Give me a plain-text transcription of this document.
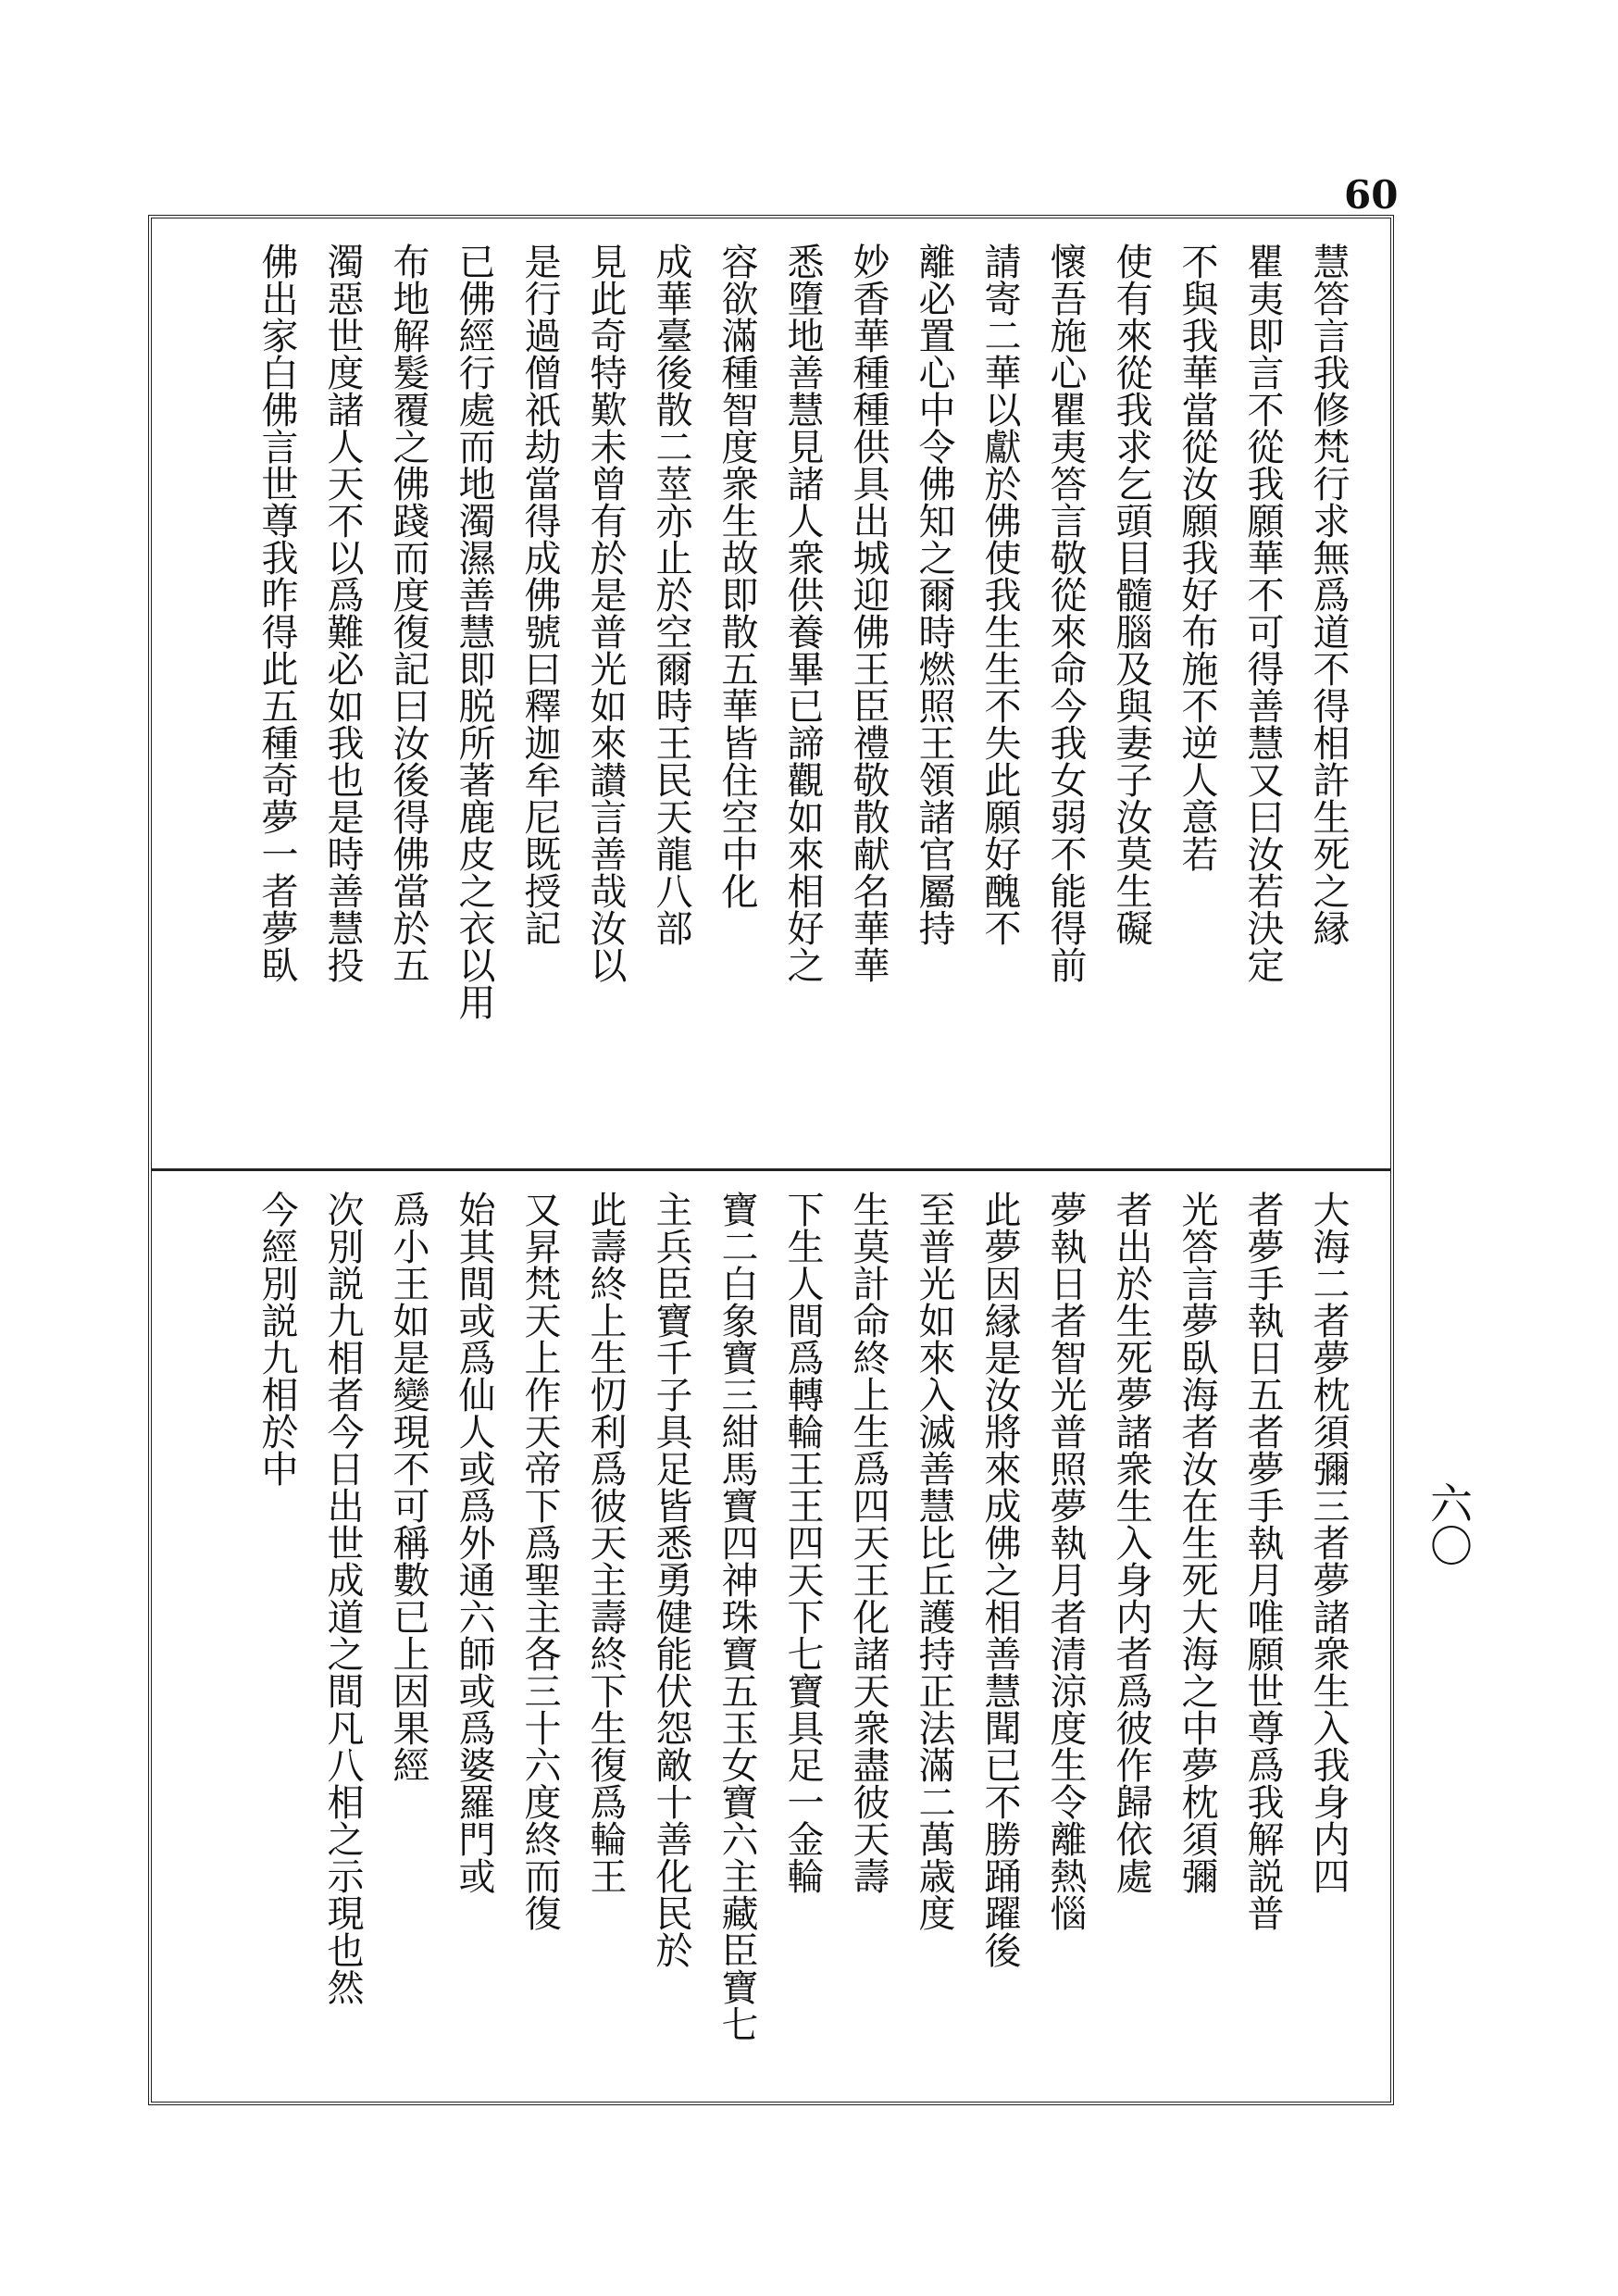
60
六〇
慧答言我修梵行求無爲道不得相許生死之縁
瞿夷即言不從我願華不可得善慧又曰汝若決定
不與我華當從汝願我好布施不逆人意若
使有來從我求乞頭目髓腦及與妻子汝莫生礙
懷吾施心瞿夷答言敬從來命今我女弱不能得前
請寄二華以獻於佛使我生生不失此願好醜不
離必置心中令佛知之爾時燃照王領諸官屬持
妙香華種種供具出城迎佛王臣禮敬散献名華華
悉墮地善慧見諸人衆供養畢已諦觀如來相好之
容欲滿種智度衆生故即散五華皆住空中化
成華臺後散二莖亦止於空爾時王民天龍八部
見此奇特歎未曾有於是普光如來讃言善哉汝以
是行過僧祇劫當得成佛號曰釋迦牟尼既授記
已佛經行處而地濁濕善慧即脱所著鹿皮之衣以用
布地解髮覆之佛踐而度復記曰汝後得佛當於五
濁惡世度諸人天不以爲難必如我也是時善慧投
佛出家白佛言世尊我昨得此五種奇夢一者夢臥
大海二者夢枕須彌三者夢諸衆生入我身内四
者夢手執日五者夢手執月唯願世尊爲我解説普
光答言夢臥海者汝在生死大海之中夢枕須彌
者出於生死夢諸衆生入身内者爲彼作歸依處
夢執日者智光普照夢執月者清涼度生令離熱惱
此夢因縁是汝將來成佛之相善慧聞已不勝踊躍後
至普光如來入滅善慧比丘護持正法滿二萬歳度
生莫計命終上生爲四天王化諸天衆盡彼天壽
下生人間爲轉輪王王四天下七寶具足一金輪
寶二白象寶三紺馬寶四神珠寶五玉女寶六主藏臣寶七
主兵臣寶千子具足皆悉勇健能伏怨敵十善化民於
此壽終上生忉利爲彼天主壽終下生復爲輪王
又昇梵天上作天帝下爲聖主各三十六度終而復
始其間或爲仙人或爲外通六師或爲婆羅門或
爲小王如是變現不可稱數已上因果經
次別説九相者今日出世成道之間凡八相之示現也然
今經別説九相於中
